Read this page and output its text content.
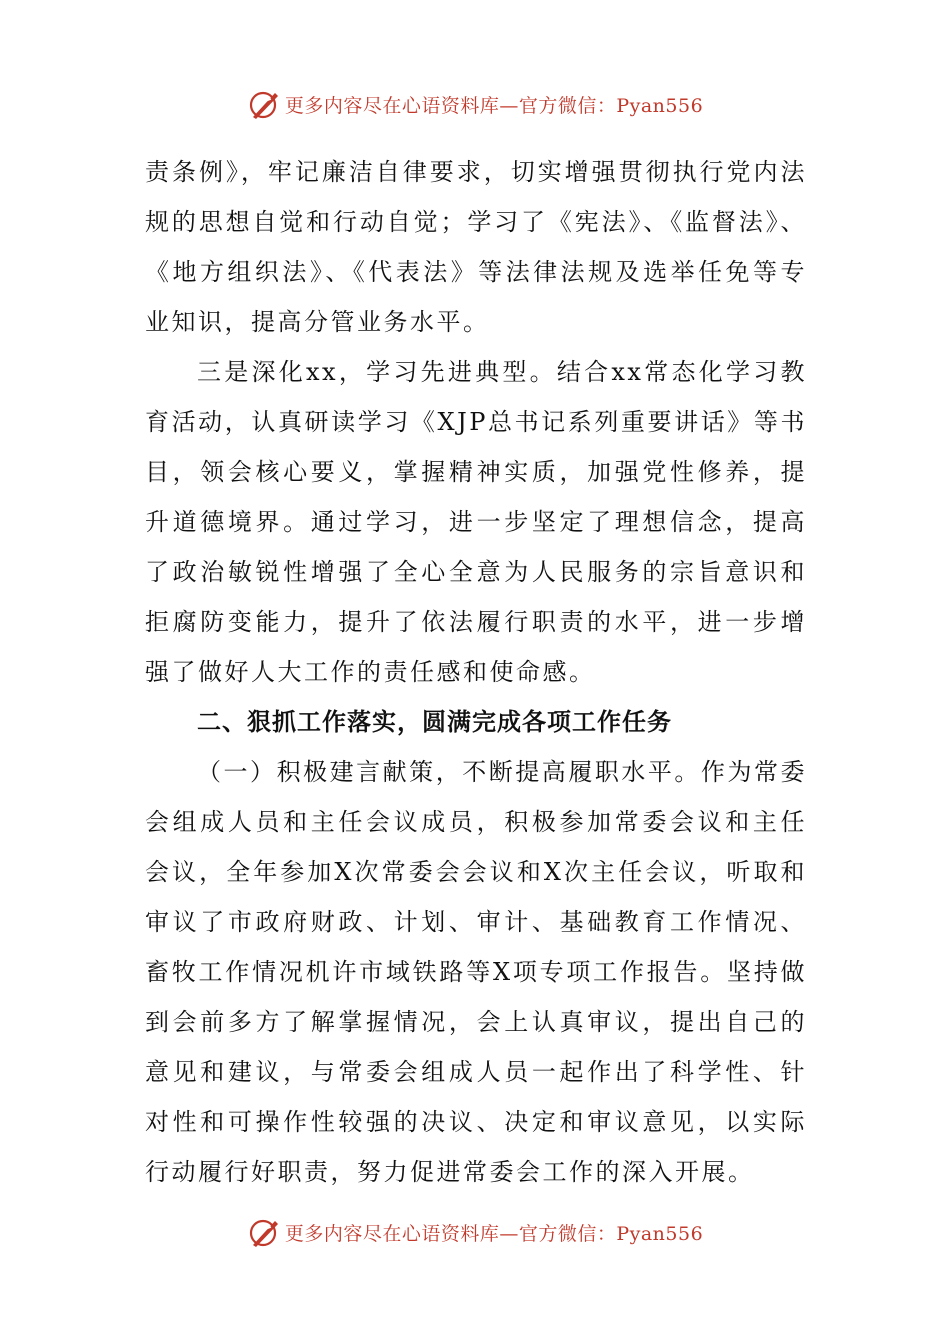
更多内容尽在心语资料库—官方微信：Pyan556

责条例》，牢记廉洁自律要求，切实增强贯彻执行党内法规的思想自觉和行动自觉；学习了《宪法》、《监督法》、《地方组织法》、《代表法》等法律法规及选举任免等专业知识，提高分管业务水平。

三是深化xx，学习先进典型。结合xx常态化学习教育活动，认真研读学习《XJP总书记系列重要讲话》等书目，领会核心要义，掌握精神实质，加强党性修养，提升道德境界。通过学习，进一步坚定了理想信念，提高了政治敏锐性增强了全心全意为人民服务的宗旨意识和拒腐防变能力，提升了依法履行职责的水平，进一步增强了做好人大工作的责任感和使命感。

二、狠抓工作落实，圆满完成各项工作任务

（一）积极建言献策，不断提高履职水平。作为常委会组成人员和主任会议成员，积极参加常委会议和主任会议，全年参加X次常委会会议和X次主任会议，听取和审议了市政府财政、计划、审计、基础教育工作情况、畜牧工作情况机许市域铁路等X项专项工作报告。坚持做到会前多方了解掌握情况，会上认真审议，提出自己的意见和建议，与常委会组成人员一起作出了科学性、针对性和可操作性较强的决议、决定和审议意见，以实际行动履行好职责，努力促进常委会工作的深入开展。

更多内容尽在心语资料库—官方微信：Pyan556
